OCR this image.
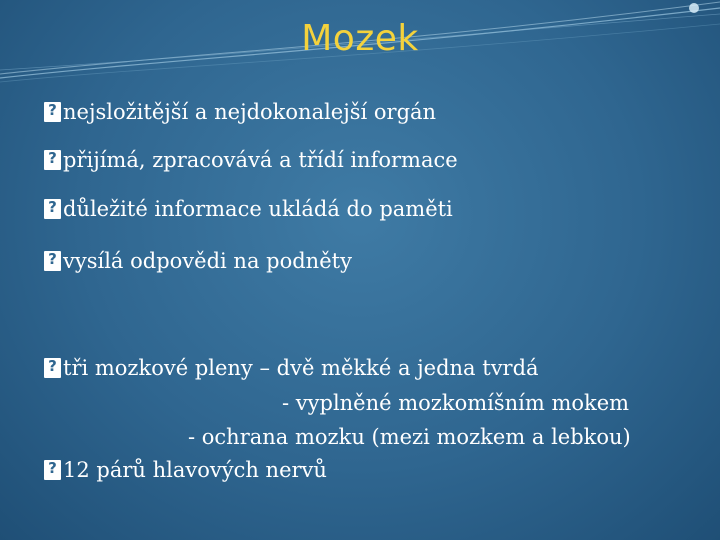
Mozek
?nejsložitější a nejdokonalejší orgán
?přijímá, zpracovává a třídí informace
?důležité informace ukládá do paměti
?vysílá odpovědi na podněty
?tři mozkové pleny – dvě měkké a jedna tvrdá
- vyplněné mozkomíšním mokem
- ochrana mozku (mezi mozkem a lebkou)
?12 párů hlavových nervů
